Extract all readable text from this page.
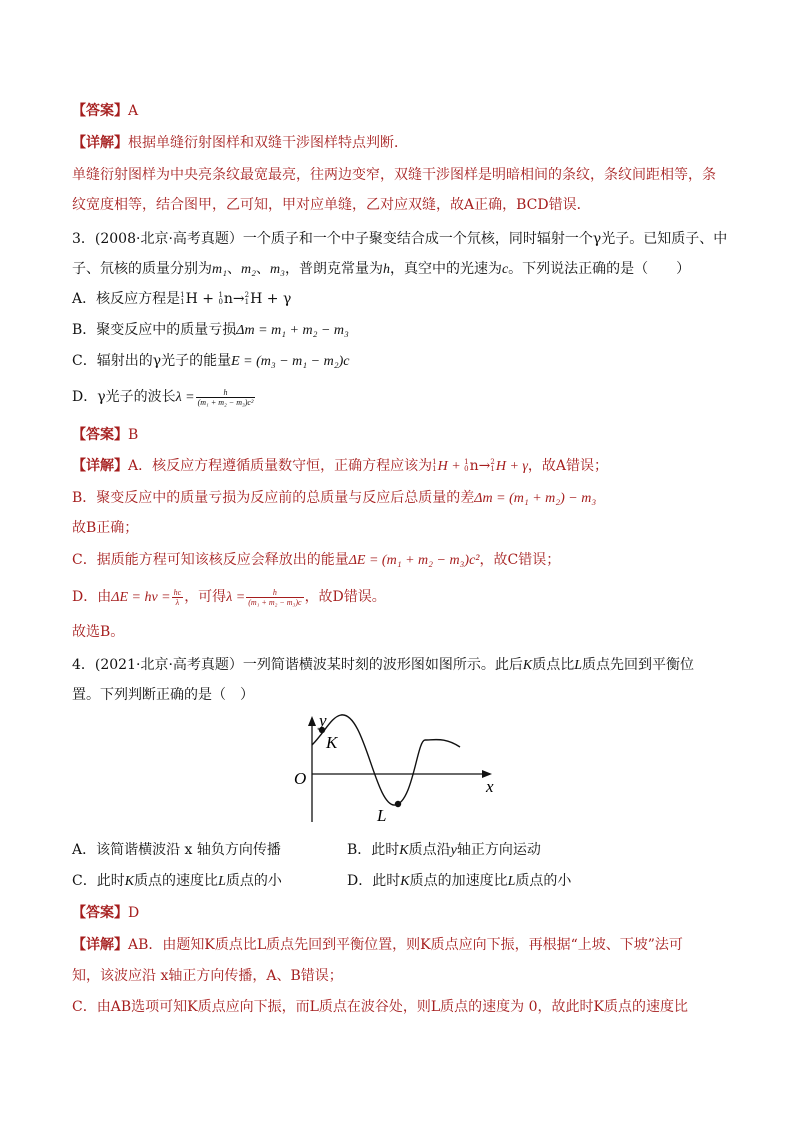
【答案】A
【详解】根据单缝衍射图样和双缝干涉图样特点判断．
单缝衍射图样为中央亮条纹最宽最亮，往两边变窄，双缝干涉图样是明暗相间的条纹，条纹间距相等，条
纹宽度相等，结合图甲，乙可知，甲对应单缝，乙对应双缝，故A正确，BCD错误．
3．(2008·北京·高考真题）一个质子和一个中子聚变结合成一个氘核，同时辐射一个γ光子。已知质子、中
子、氘核的质量分别为m₁、m₂、m₃，普朗克常量为h，真空中的光速为c。下列说法正确的是（　　）
A．核反应方程是 1
1 H + 1
0 n→ 2
1 H + γ
B．聚变反应中的质量亏损Δm = m₁ + m₂ − m₃
C．辐射出的γ光子的能量E = (m₃ − m₁ − m₂)c
D．γ光子的波长$\lambda = \frac{h}{\text{(m₁ + m₂ − m₃)c²}}$
【答案】B
【详解】A．核反应方程遵循质量数守恒，正确方程应该为 1
1 H + 1
0 n→ 2
1 H + γ，故A错误；
B．聚变反应中的质量亏损为反应前的总质量与反应后总质量的差Δm = (m₁ + m₂) − m₃
故B正确；
C．据质能方程可知该核反应会释放出的能量ΔE = (m₁ + m₂ − m₃)c²，故C错误；
D．由$\Delta E = h\nu = \frac{hc}{\lambda}$ ，可得$\lambda = \frac{h}{\text{(m₁ + m₂ − m₃)c}}$ ，故D错误。
故选B。
4．(2021·北京·高考真题）一列简谐横波某时刻的波形图如图所示。此后K质点比L质点先回到平衡位
置。下列判断正确的是（　）
y
K
O
L
x
A．该简谐横波沿 x 轴负方向传播	B．此时K质点沿y轴正方向运动
C．此时K质点的速度比L质点的小	D．此时K质点的加速度比L质点的小
【答案】D
【详解】AB．由题知K质点比L质点先回到平衡位置，则K质点应向下振，再根据“上坡、下坡”法可
知，该波应沿 x轴正方向传播，A、B错误；
C．由AB选项可知K质点应向下振，而L质点在波谷处，则L质点的速度为 0，故此时K质点的速度比
